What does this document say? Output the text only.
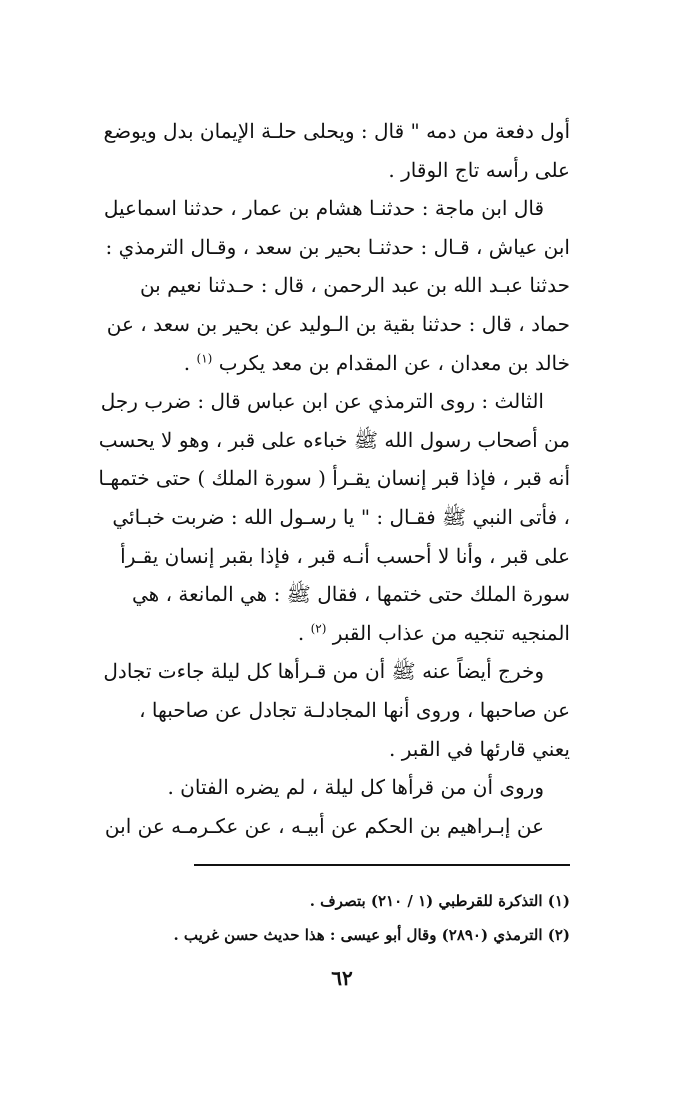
أول دفعة من دمه " قال : ويحلى حلـة الإيمان بدل ويوضع على رأسه تاج الوقار .

قال ابن ماجة : حدثنـا هشام بن عمار ، حدثنا اسماعيل ابن عياش ، قـال : حدثنـا بحير بن سعد ، وقـال الترمذي : حدثنا عبـد الله بن عبد الرحمن ، قال : حـدثنا نعيم بن حماد ، قال : حدثنا بقية بن الـوليد عن بحير بن سعد ، عن خالد بن معدان ، عن المقدام بن معد يكرب $^{(١)}$ .

الثالث : روى الترمذي عن ابن عباس قال : ضرب رجل من أصحاب رسول الله ﷺ خباءه على قبر ، وهو لا يحسب أنه قبر ، فإذا قبر إنسان يقـرأ ( سورة الملك ) حتى ختمهـا ، فأتى النبي ﷺ فقـال : " يا رسـول الله : ضربت خبـائي على قبر ، وأنا لا أحسب أنـه قبر ، فإذا بقبر إنسان يقـرأ سورة الملك حتى ختمها ، فقال ﷺ : هي المانعة ، هي المنجيه تنجيه من عذاب القبر $^{(٢)}$ .

وخرج أيضاً عنه ﷺ أن من قـرأها كل ليلة جاءت تجادل عن صاحبها ، وروى أنها المجادلـة تجادل عن صاحبها ، يعني قارئها في القبر .

وروى أن من قرأها كل ليلة ، لم يضره الفتان .

عن إبـراهيم بن الحكم عن أبيـه ، عن عكـرمـه عن ابن

(١) التذكرة للقرطبي (١ / ٢١٠) بتصرف .
(٢) الترمذي (٢٨٩٠) وقال أبو عيسى : هذا حديث حسن غريب .
٦٢
